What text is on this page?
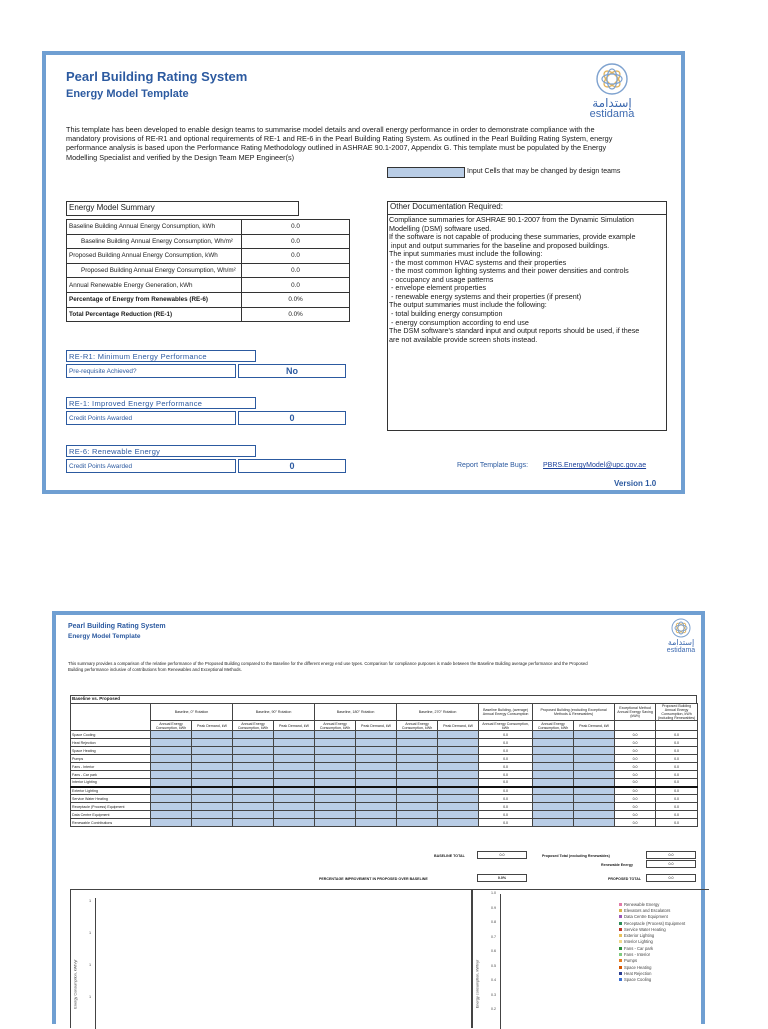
Pearl Building Rating System
Energy Model Template
إستدامة
estidama
This template has been developed to enable design teams to summarise model details and overall energy performance in order to demonstrate compliance with the
mandatory provisions of RE-R1 and optional requirements of RE-1 and RE-6 in the Pearl Building Rating System. As outlined in the Pearl Building Rating System, energy
performance analysis is based upon the Performance Rating Methodology outlined in ASHRAE 90.1-2007, Appendix G. This template must be populated by the Energy
Modelling Specialist and verified by the Design Team MEP Engineer(s)
Input Cells that may be changed by design teams
Energy Model Summary
Baseline Building Annual Energy Consumption, kWh	0.0
Baseline Building Annual Energy Consumption, Wh/m²	0.0
Proposed Building Annual Energy Consumption, kWh	0.0
Proposed Building Annual Energy Consumption, Wh/m²	0.0
Annual Renewable Energy Generation, kWh	0.0
Percentage of Energy from Renewables (RE-6)	0.0%
Total Percentage Reduction (RE-1)	0.0%
RE-R1: Minimum Energy Performance
Pre-requisite Achieved?	No
RE-1: Improved Energy Performance
Credit Points Awarded	0
RE-6: Renewable Energy
Credit Points Awarded	0
Other Documentation Required:
Compliance summaries for ASHRAE 90.1-2007 from the Dynamic Simulation
Modelling (DSM) software used.
If the software is not capable of producing these summaries, provide example
input and output summaries for the baseline and proposed buildings.
The input summaries must include the following:
- the most common HVAC systems and their properties
- the most common lighting systems and their power densities and controls
- occupancy and usage patterns
- envelope element properties
- renewable energy systems and their properties (if present)
The output summaries must include the following:
- total building energy consumption
- energy consumption according to end use
The DSM software's standard input and output reports should be used, if these
are not available provide screen shots instead.
Report Template Bugs: PBRS.EnergyModel@upc.gov.ae
Version 1.0
Pearl Building Rating System
Energy Model Template
إستدامة
estidama
This summary provides a comparison of the relative performance of the Proposed Building compared to the Baseline for the different energy end use types. Comparison for compliance purposes is made between the Baseline Building average performance and the Proposed
Building performance inclusive of contributions from Renewables and Exceptional Methods.
Baseline vs. Proposed
	Baseline, 0° Rotation		Baseline, 90° Rotation		Baseline, 180° Rotation		Baseline, 270° Rotation		Baseline Building, (average) Annual Energy Consumption	Proposed Building (excluding Exceptional Methods & Renewables)		Exceptional Method Annual Energy Saving (kWh)	Proposed Building Annual Energy Consumption, kWh (including Renewables)
	Annual Energy Consumption, kWh	Peak Demand, kW	Annual Energy Consumption, kWh	Peak Demand, kW	Annual Energy Consumption, kWh	Peak Demand, kW	Annual Energy Consumption, kWh	Peak Demand, kW	Annual Energy Consumption, kWh	Annual Energy Consumption, kWh	Peak Demand, kW		
Space Cooling									0.0			0.0	0.0
Heat Rejection									0.0			0.0	0.0
Space Heating									0.0			0.0	0.0
Pumps									0.0			0.0	0.0
Fans - Interior									0.0			0.0	0.0
Fans - Car park									0.0			0.0	0.0
Interior Lighting									0.0			0.0	0.0
Exterior Lighting									0.0			0.0	0.0
Service Water Heating									0.0			0.0	0.0
Receptacle (Process) Equipment									0.0			0.0	0.0
Data Centre Equipment									0.0			0.0	0.0
Renewable Contributions									0.0			0.0	0.0
BASELINE TOTAL	0.0	Proposed Total (excluding Renewables)	0.0
Renewable Energy	0.0
PERCENTAGE IMPROVEMENT IN PROPOSED OVER BASELINE	0.0%	PROPOSED TOTAL	0.0
Energy Consumption, kWh/yr
1
1
1
1	Energy consumption, kWh/yr
1.0
0.9
0.8
0.7
0.6
0.5
0.4
0.3
0.2
Renewable Energy
Elevators and Escalators
Data Centre Equipment
Receptacle (Process) Equipment
Service Water Heating
Exterior Lighting
Interior Lighting
Fans - Car park
Fans - Interior
Pumps
Space Heating
Heat Rejection
Space Cooling
